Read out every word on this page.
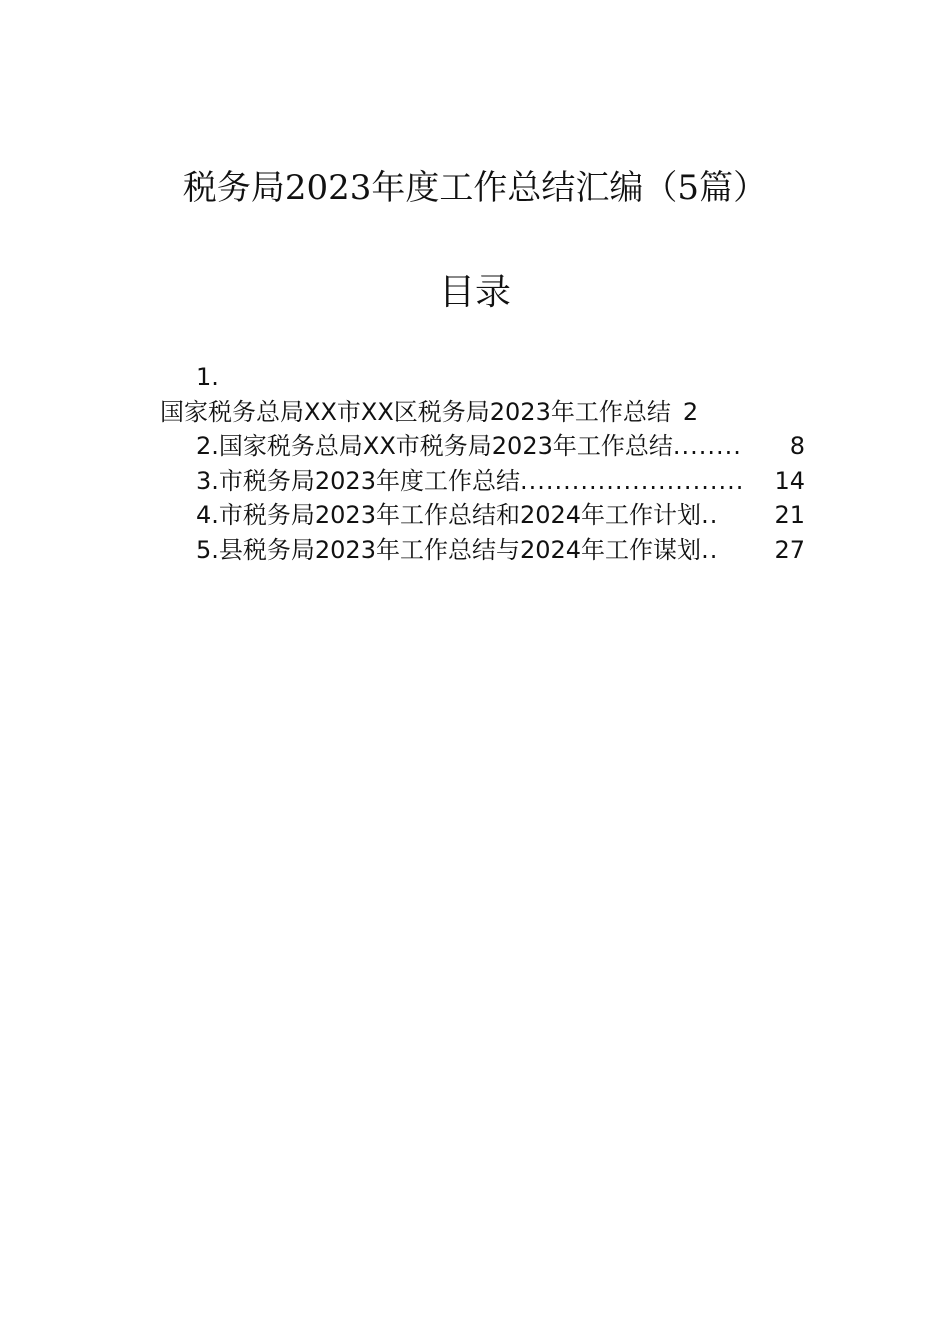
税务局2023年度工作总结汇编（5篇）
目录
1.
国家税务总局XX市XX区税务局2023年工作总结 2
2.国家税务总局XX市税务局2023年工作总结 ........	8
3.市税务局2023年度工作总结 ..........................	14
4.市税务局2023年工作总结和2024年工作计划 ..	21
5.县税务局2023年工作总结与2024年工作谋划 ..	27
